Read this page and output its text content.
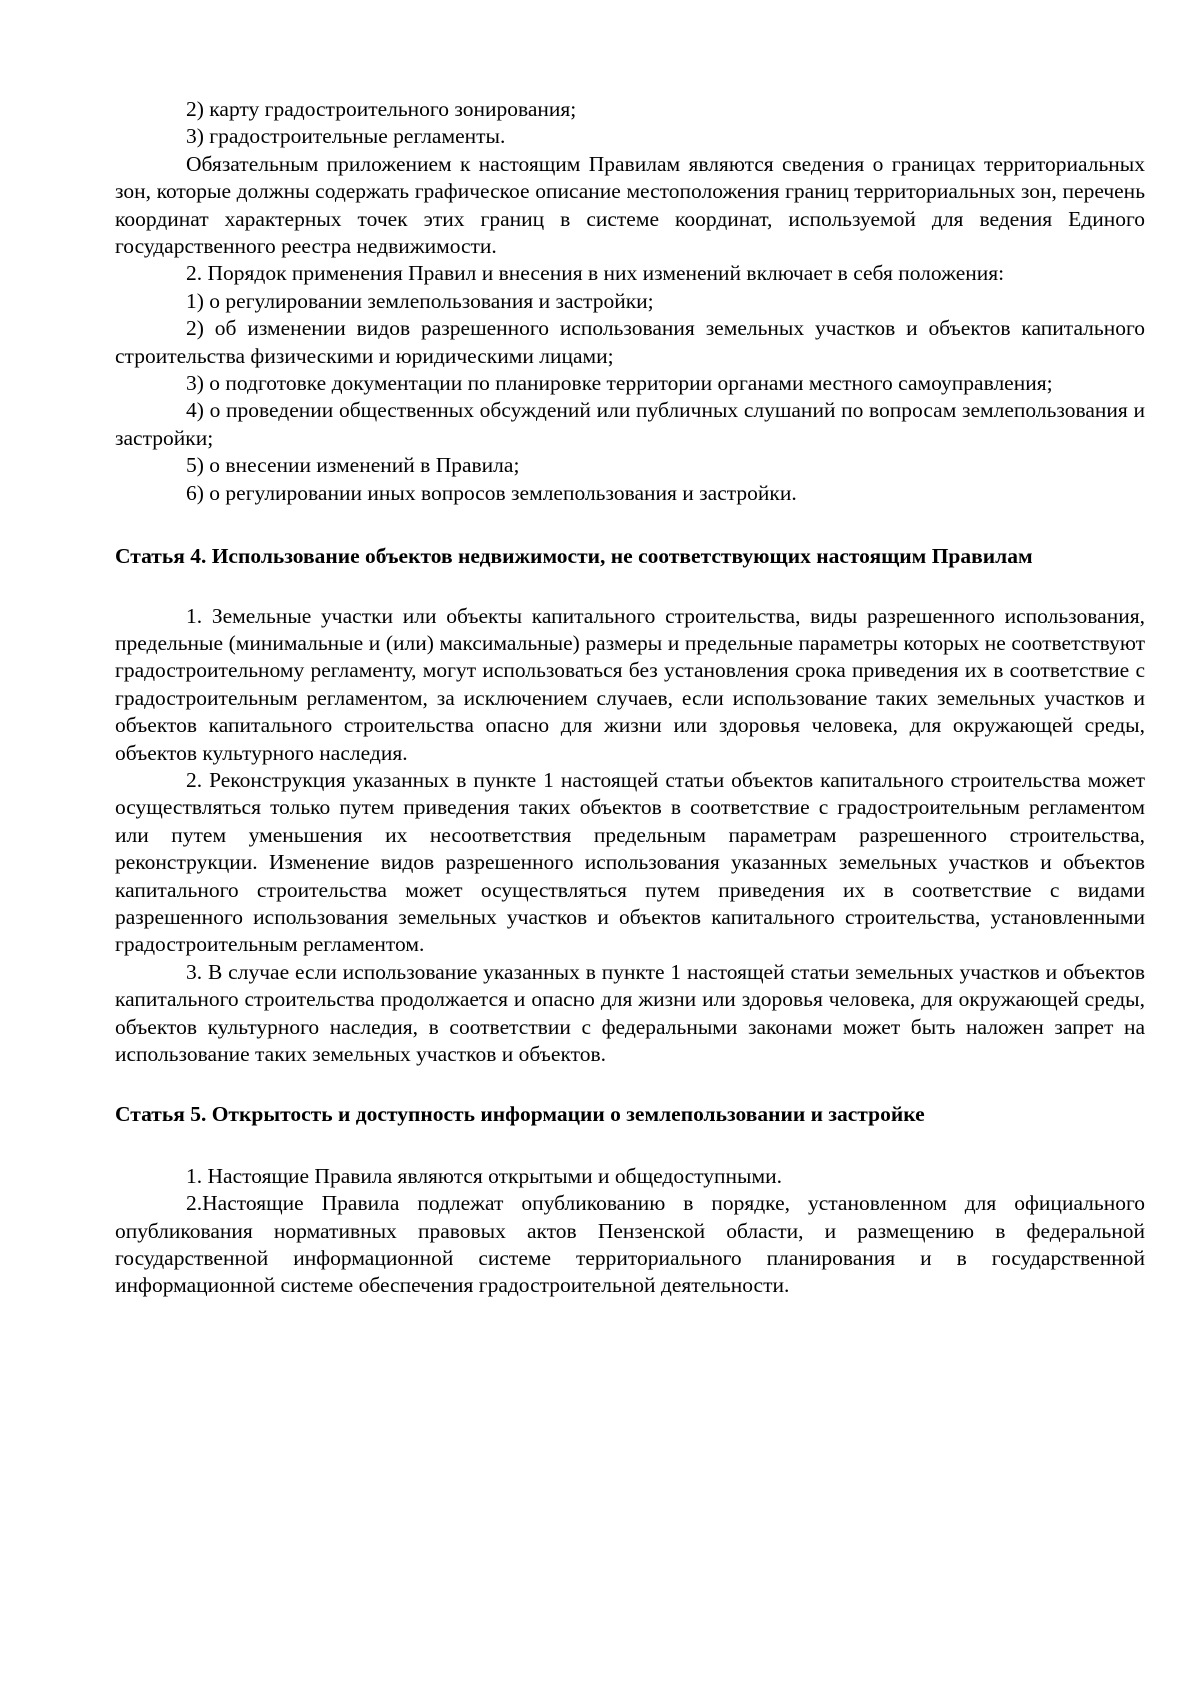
2) карту градостроительного зонирования;

3) градостроительные регламенты.

Обязательным приложением к настоящим Правилам являются сведения о границах территориальных зон, которые должны содержать графическое описание местоположения границ территориальных зон, перечень координат характерных точек этих границ в системе координат, используемой для ведения Единого государственного реестра недвижимости.

2. Порядок применения Правил и внесения в них изменений включает в себя положения:

1) о регулировании землепользования и застройки;

2) об изменении видов разрешенного использования земельных участков и объектов капитального строительства физическими и юридическими лицами;

3) о подготовке документации по планировке территории органами местного самоуправления;

4) о проведении общественных обсуждений или публичных слушаний по вопросам землепользования и застройки;

5) о внесении изменений в Правила;

6) о регулировании иных вопросов землепользования и застройки.

Статья 4. Использование объектов недвижимости, не соответствующих настоящим Правилам

1. Земельные участки или объекты капитального строительства, виды разрешенного использования, предельные (минимальные и (или) максимальные) размеры и предельные параметры которых не соответствуют градостроительному регламенту, могут использоваться без установления срока приведения их в соответствие с градостроительным регламентом, за исключением случаев, если использование таких земельных участков и объектов капитального строительства опасно для жизни или здоровья человека, для окружающей среды, объектов культурного наследия.

2. Реконструкция указанных в пункте 1 настоящей статьи объектов капитального строительства может осуществляться только путем приведения таких объектов в соответствие с градостроительным регламентом или путем уменьшения их несоответствия предельным параметрам разрешенного строительства, реконструкции. Изменение видов разрешенного использования указанных земельных участков и объектов капитального строительства может осуществляться путем приведения их в соответствие с видами разрешенного использования земельных участков и объектов капитального строительства, установленными градостроительным регламентом.

3. В случае если использование указанных в пункте 1 настоящей статьи земельных участков и объектов капитального строительства продолжается и опасно для жизни или здоровья человека, для окружающей среды, объектов культурного наследия, в соответствии с федеральными законами может быть наложен запрет на использование таких земельных участков и объектов.

Статья 5. Открытость и доступность информации о землепользовании и застройке

1. Настоящие Правила являются открытыми и общедоступными.

2.Настоящие Правила подлежат опубликованию в порядке, установленном для официального опубликования нормативных правовых актов Пензенской области, и размещению в федеральной государственной информационной системе территориального планирования и в государственной информационной системе обеспечения градостроительной деятельности.
